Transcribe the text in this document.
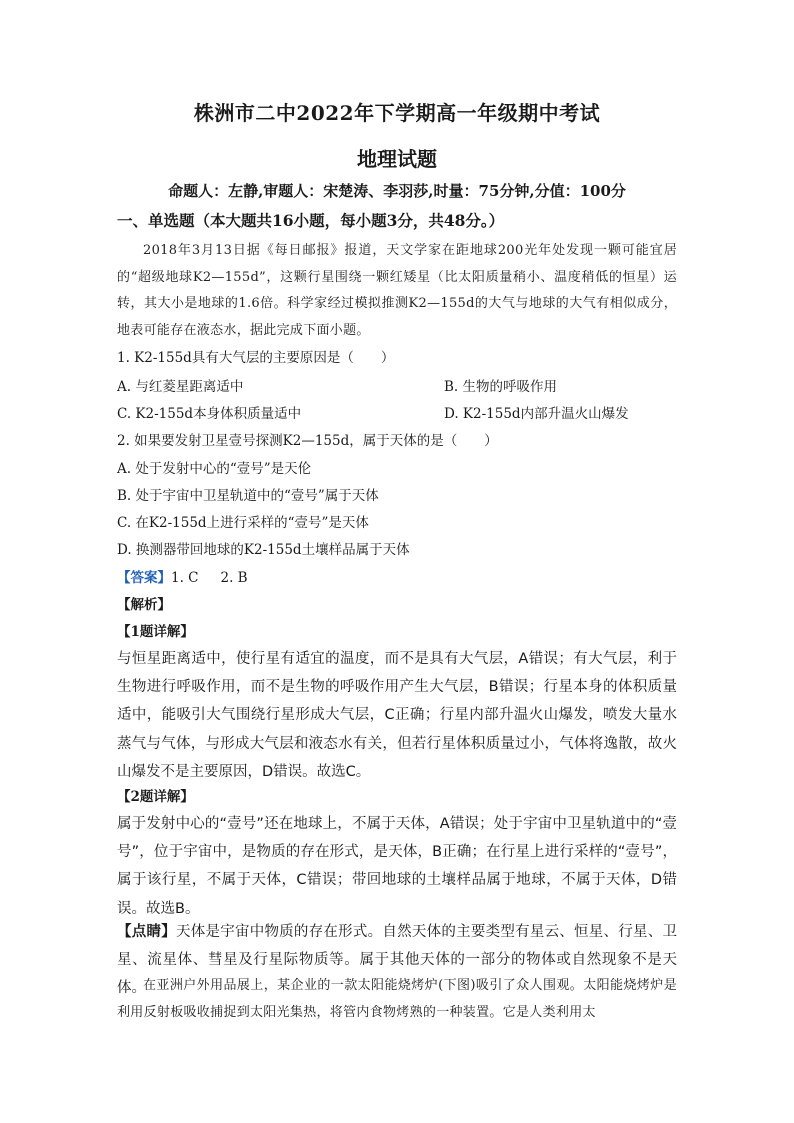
株洲市二中2022年下学期高一年级期中考试
地理试题
命题人：左静,审题人：宋楚涛、李羽莎,时量：75分钟,分值：100分
一、单选题（本大题共16小题，每小题3分，共48分。）

2018年3月13日据《每日邮报》报道，天文学家在距地球200光年处发现一颗可能宜居的“超级地球K2—155d”，这颗行星围绕一颗红矮星（比太阳质量稍小、温度稍低的恒星）运转，其大小是地球的1.6倍。科学家经过模拟推测K2—155d的大气与地球的大气有相似成分，地表可能存在液态水，据此完成下面小题。

1. K2-155d具有大气层的主要原因是（　　）
A. 与红菱星距离适中	B. 生物的呼吸作用
C. K2-155d本身体积质量适中	D. K2-155d内部升温火山爆发
2. 如果要发射卫星壹号探测K2—155d，属于天体的是（　　）
A. 处于发射中心的“壹号”是天伦
B. 处于宇宙中卫星轨道中的“壹号”属于天体
C. 在K2-155d上进行采样的“壹号”是天体
D. 换测器带回地球的K2-155d土壤样品属于天体
【答案】1. C 2. B
【解析】
【1题详解】

与恒星距离适中，使行星有适宜的温度，而不是具有大气层，A错误；有大气层，利于生物进行呼吸作用，而不是生物的呼吸作用产生大气层，B错误；行星本身的体积质量适中，能吸引大气围绕行星形成大气层，C正确；行星内部升温火山爆发，喷发大量水蒸气与气体，与形成大气层和液态水有关，但若行星体积质量过小，气体将逸散，故火山爆发不是主要原因，D错误。故选C。

【2题详解】

属于发射中心的“壹号”还在地球上，不属于天体，A错误；处于宇宙中卫星轨道中的“壹号”，位于宇宙中，是物质的存在形式，是天体，B正确；在行星上进行采样的“壹号”，属于该行星，不属于天体，C错误；带回地球的土壤样品属于地球，不属于天体，D错误。故选B。

【点睛】天体是宇宙中物质的存在形式。自然天体的主要类型有星云、恒星、行星、卫星、流星体、彗星及行星际物质等。属于其他天体的一部分的物体或自然现象不是天体。

在亚洲户外用品展上，某企业的一款太阳能烧烤炉(下图)吸引了众人围观。太阳能烧烤炉是利用反射板吸收捕捉到太阳光集热，将管内食物烤熟的一种装置。它是人类利用太
